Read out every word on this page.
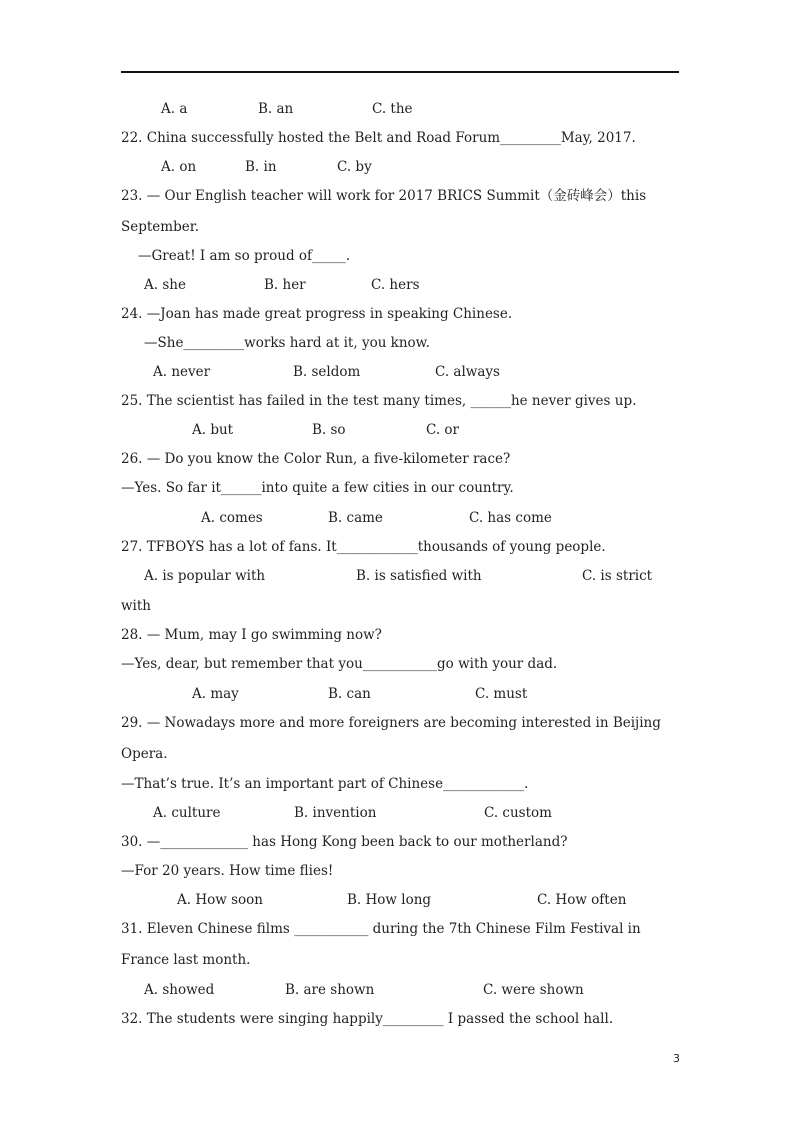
A. a	B. an	C. the
22. China successfully hosted the Belt and Road Forum_________May, 2017.
A. on	B. in	C. by
23. — Our English teacher will work for 2017 BRICS Summit（金砖峰会）this
September.
—Great! I am so proud of_____.
A. she	B. her	C. hers
24. —Joan has made great progress in speaking Chinese.
—She_________works hard at it, you know.
A. never	B. seldom	C. always
25. The scientist has failed in the test many times, ______he never gives up.
A. but	B. so	C. or
26. — Do you know the Color Run, a five-kilometer race?
—Yes. So far it______into quite a few cities in our country.
A. comes	B. came	C. has come
27. TFBOYS has a lot of fans. It____________thousands of young people.
A. is popular with	B. is satisfied with	C. is strict
with
28. — Mum, may I go swimming now?
—Yes, dear, but remember that you___________go with your dad.
A. may	B. can	C. must
29. — Nowadays more and more foreigners are becoming interested in Beijing
Opera.
—That’s true. It’s an important part of Chinese____________.
A. culture	B. invention	C. custom
30. —_____________ has Hong Kong been back to our motherland?
—For 20 years. How time flies!
A. How soon	B. How long	C. How often
31. Eleven Chinese films ___________ during the 7th Chinese Film Festival in
France last month.
A. showed	B. are shown	C. were shown
32. The students were singing happily_________ I passed the school hall.
3
